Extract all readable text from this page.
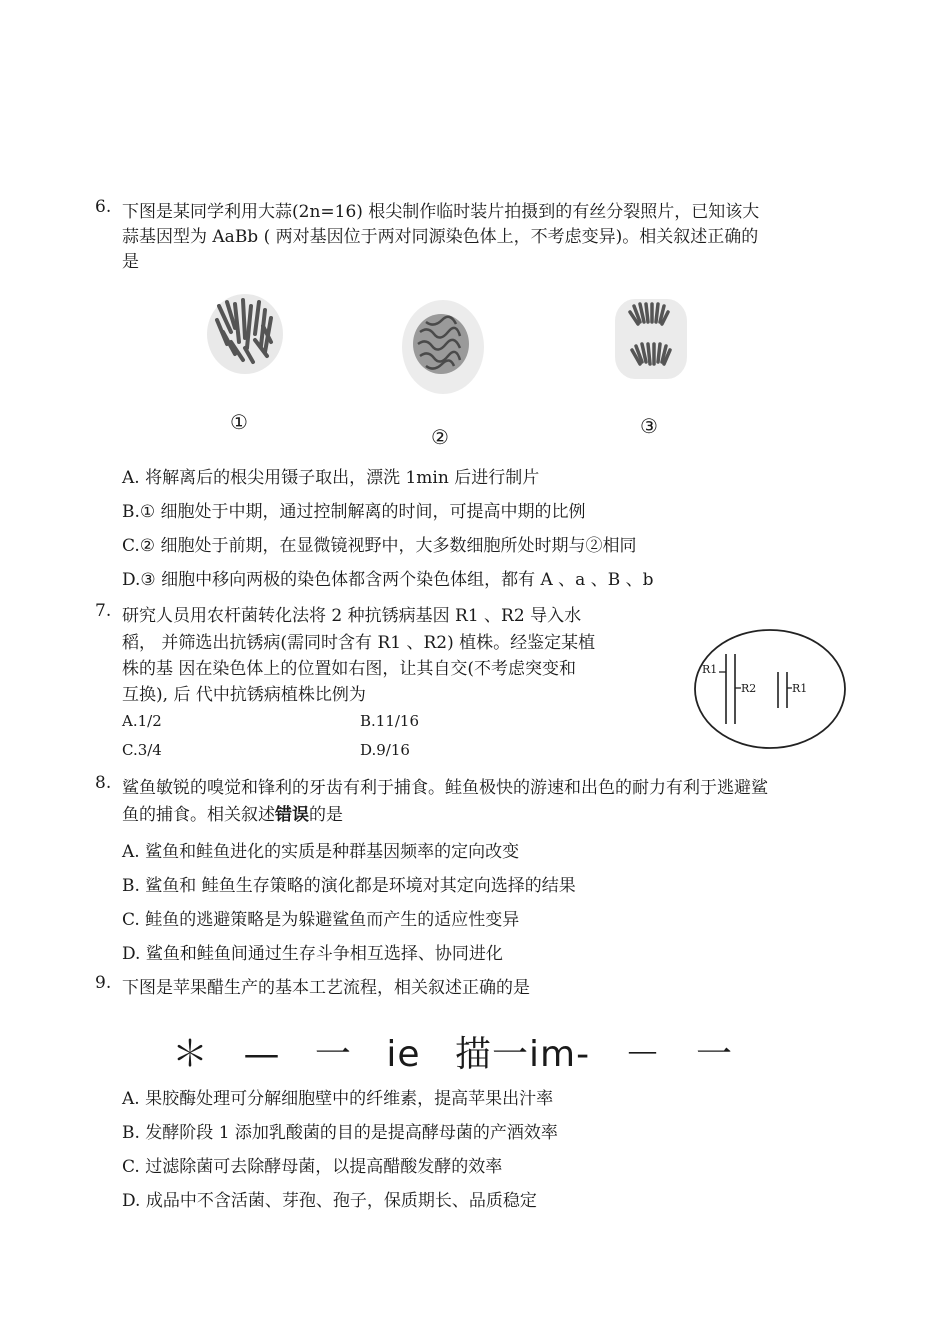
6. 下图是某同学利用大蒜(2n=16) 根尖制作临时装片拍摄到的有丝分裂照片，已知该大
蒜基因型为 AaBb ( 两对基因位于两对同源染色体上，不考虑变异)。相关叙述正确的
是
①
②	③
A. 将解离后的根尖用镊子取出，漂洗 1min 后进行制片
B.① 细胞处于中期，通过控制解离的时间，可提高中期的比例
C.② 细胞处于前期，在显微镜视野中，大多数细胞所处时期与②相同
D.③ 细胞中移向两极的染色体都含两个染色体组，都有 A 、a 、B 、b
7. 研究人员用农杆菌转化法将 2 种抗锈病基因 R1 、R2 导入水
稻， 并筛选出抗锈病(需同时含有 R1 、R2) 植株。经鉴定某植
株的基 因在染色体上的位置如右图，让其自交(不考虑突变和
互换), 后 代中抗锈病植株比例为
A.1/2	B.11/16
C.3/4	D.9/16
R1
R2	R1
8. 鲨鱼敏锐的嗅觉和锋利的牙齿有利于捕食。鲑鱼极快的游速和出色的耐力有利于逃避鲨
鱼的捕食。相关叙述错误的是
A. 鲨鱼和鲑鱼进化的实质是种群基因频率的定向改变
B. 鲨鱼和 鲑鱼生存策略的演化都是环境对其定向选择的结果
C. 鲑鱼的逃避策略是为躲避鲨鱼而产生的适应性变异
D. 鲨鱼和鲑鱼间通过生存斗争相互选择、协同进化
9. 下图是苹果醋生产的基本工艺流程，相关叙述正确的是
＊ — 一 ie 描一im- － 一
A. 果胶酶处理可分解细胞壁中的纤维素，提高苹果出汁率
B. 发酵阶段 1 添加乳酸菌的目的是提高酵母菌的产酒效率
C. 过滤除菌可去除酵母菌，以提高醋酸发酵的效率
D. 成品中不含活菌、芽孢、孢子，保质期长、品质稳定
